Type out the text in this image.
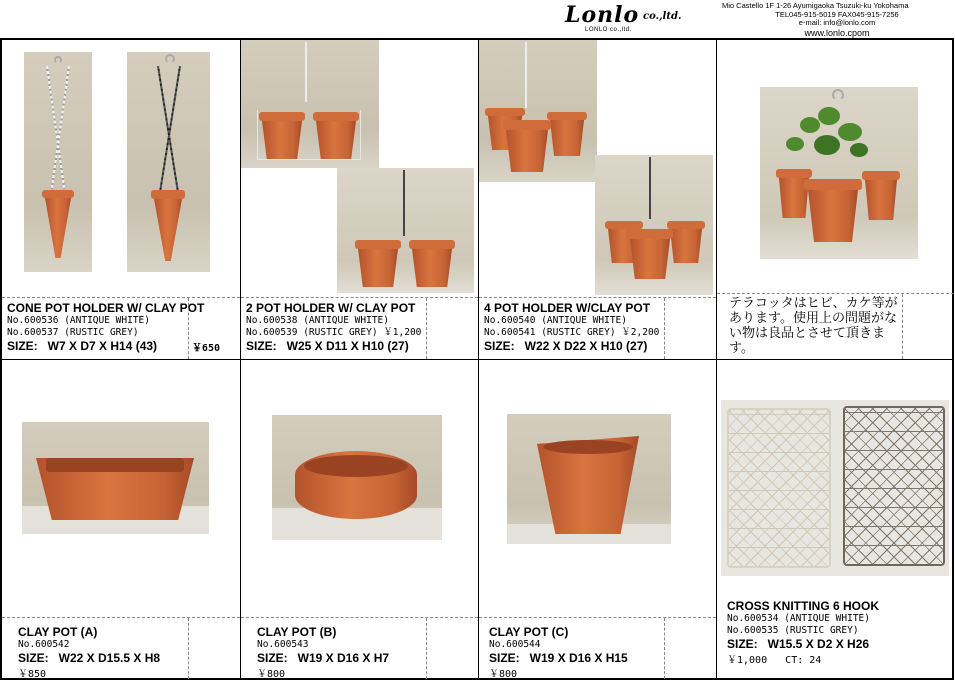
Lonlo co.,ltd.
LONLO co.,ltd.
Mio Castello 1F 1-26 Ayumigaoka Tsuzuki-ku Yokohama
TEL045-915-5019 FAX045-915-7256
e-mail: info@lonlo.com
www.lonlo.cpom
CONE POT HOLDER W/ CLAY POT
No.600536 (ANTIQUE WHITE)
No.600537 (RUSTIC GREY)
SIZE: W7 X D7 X H14 (43)	￥650
2 POT HOLDER W/ CLAY POT
No.600538 (ANTIQUE WHITE)
No.600539 (RUSTIC GREY) ￥1,200
SIZE: W25 X D11 X H10 (27)
4 POT HOLDER W/CLAY POT
No.600540 (ANTIQUE WHITE)
No.600541 (RUSTIC GREY) ￥2,200
SIZE: W22 X D22 X H10 (27)
テラコッタはヒビ、カケ等があります。使用上の問題がない物は良品とさせて頂きます。
CLAY POT (A)
No.600542
SIZE: W22 X D15.5 X H8
￥850
CLAY POT (B)
No.600543
SIZE: W19 X D16 X H7
￥800
CLAY POT (C)
No.600544
SIZE: W19 X D16 X H15
￥800
CROSS KNITTING 6 HOOK
No.600534 (ANTIQUE WHITE)
No.600535 (RUSTIC GREY)
SIZE: W15.5 X D2 X H26
￥1,000 CT: 24
